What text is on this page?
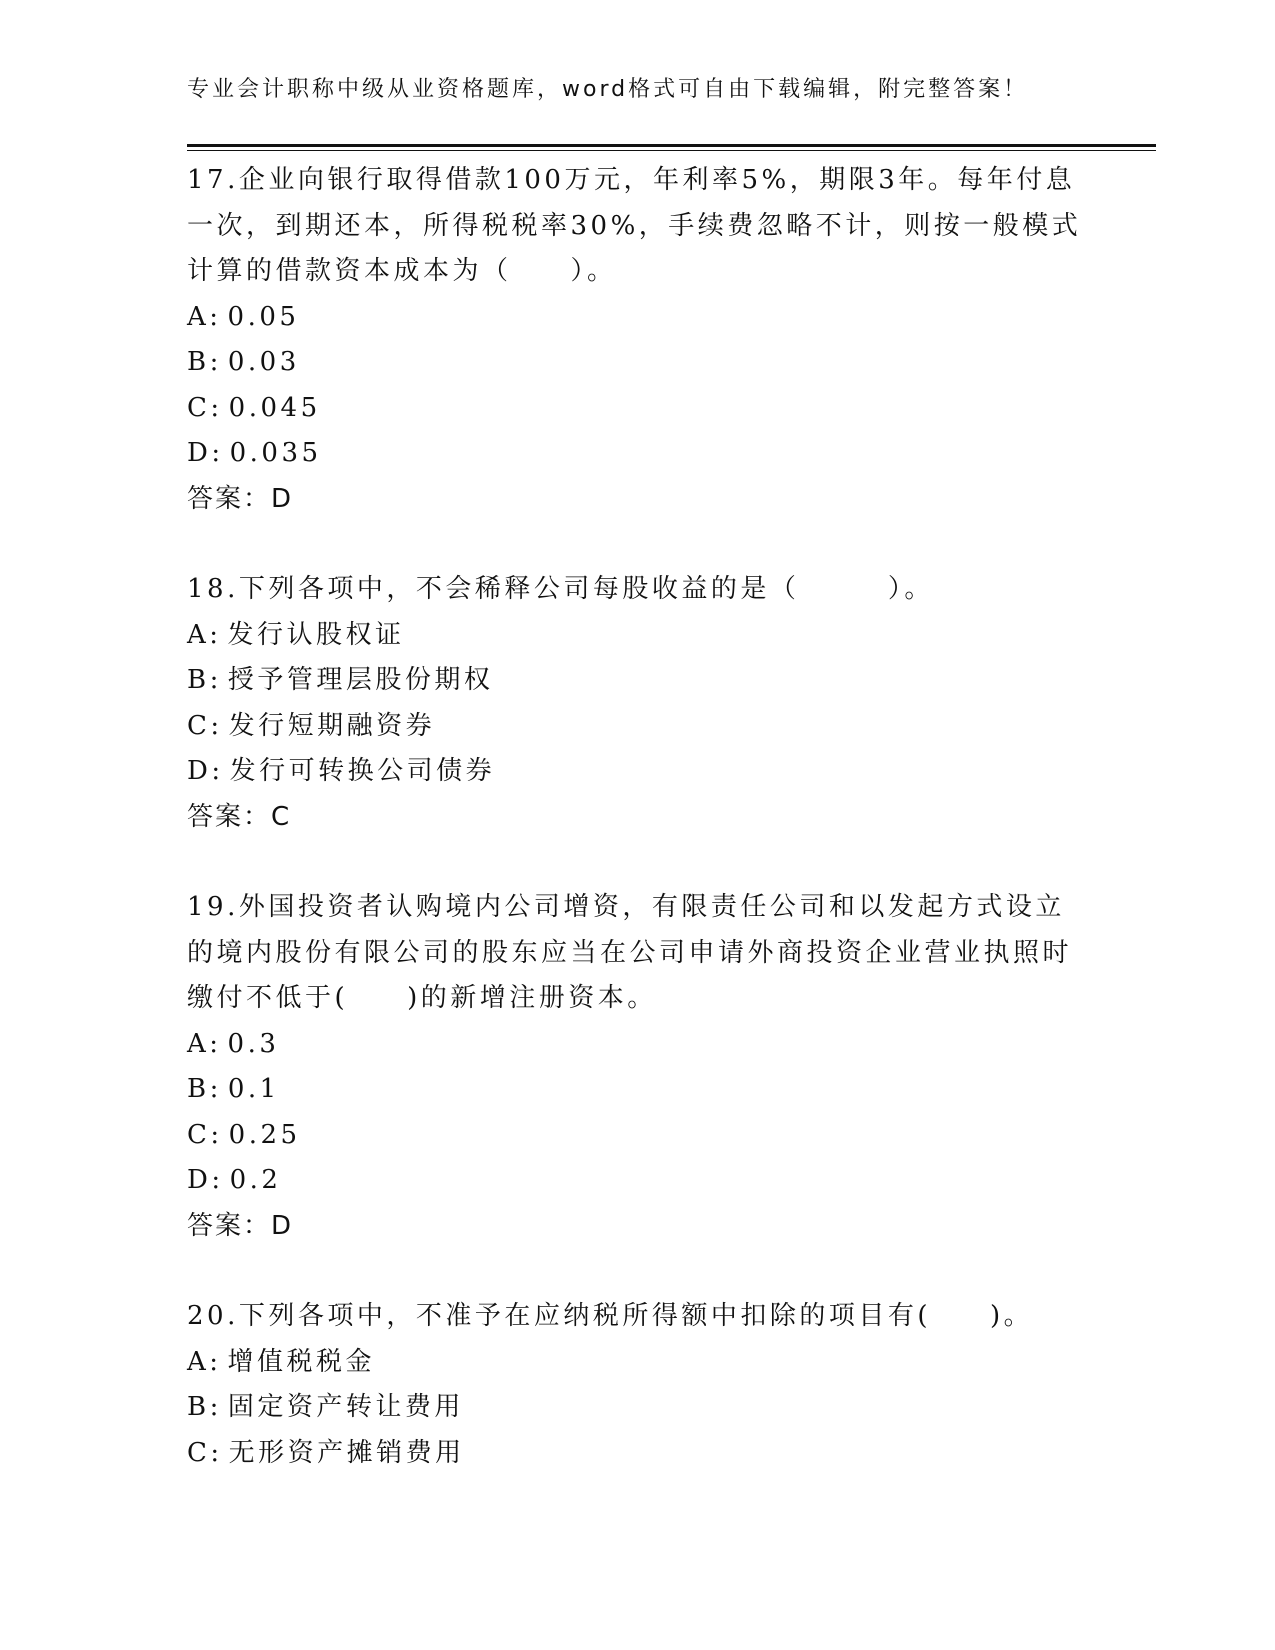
专业会计职称中级从业资格题库，word格式可自由下载编辑，附完整答案！

17.企业向银行取得借款100万元，年利率5%，期限3年。每年付息一次，到期还本，所得税税率30%，手续费忽略不计，则按一般模式计算的借款资本成本为（　　）。

A: 0.05

B: 0.03

C: 0.045

D: 0.035

答案：D

18.下列各项中，不会稀释公司每股收益的是（　　　）。

A: 发行认股权证

B: 授予管理层股份期权

C: 发行短期融资券

D: 发行可转换公司债券

答案：C

19.外国投资者认购境内公司增资，有限责任公司和以发起方式设立的境内股份有限公司的股东应当在公司申请外商投资企业营业执照时缴付不低于(　　)的新增注册资本。

A: 0.3

B: 0.1

C: 0.25

D: 0.2

答案：D

20.下列各项中，不准予在应纳税所得额中扣除的项目有(　　)。

A: 增值税税金

B: 固定资产转让费用

C: 无形资产摊销费用
